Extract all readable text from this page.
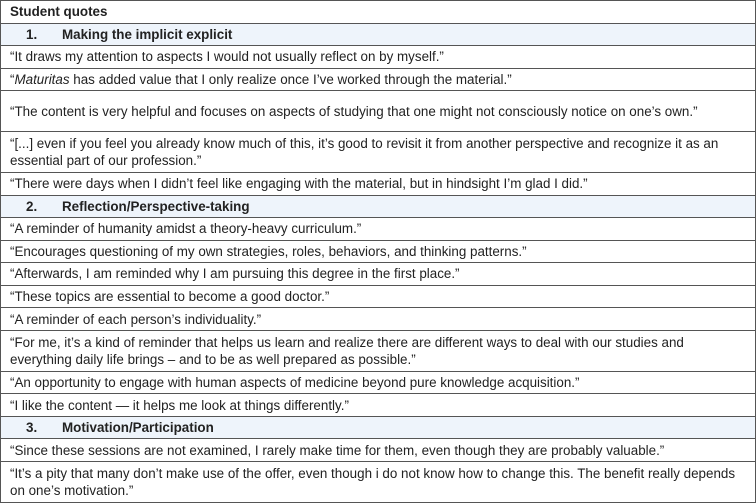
Student quotes
1. Making the implicit explicit
“It draws my attention to aspects I would not usually reflect on by myself.”
“Maturitas has added value that I only realize once I’ve worked through the material.”
“The content is very helpful and focuses on aspects of studying that one might not consciously notice on one’s own.”
“[...] even if you feel you already know much of this, it’s good to revisit it from another perspective and recognize it as an essential part of our profession.”
“There were days when I didn’t feel like engaging with the material, but in hindsight I’m glad I did.”
2. Reflection/Perspective-taking
“A reminder of humanity amidst a theory-heavy curriculum.”
“Encourages questioning of my own strategies, roles, behaviors, and thinking patterns.”
“Afterwards, I am reminded why I am pursuing this degree in the first place.”
“These topics are essential to become a good doctor.”
“A reminder of each person’s individuality.”
“For me, it’s a kind of reminder that helps us learn and realize there are different ways to deal with our studies and everything daily life brings – and to be as well prepared as possible.”
“An opportunity to engage with human aspects of medicine beyond pure knowledge acquisition.”
“I like the content — it helps me look at things differently.”
3. Motivation/Participation
“Since these sessions are not examined, I rarely make time for them, even though they are probably valuable.”
“It’s a pity that many don’t make use of the offer, even though i do not know how to change this. The benefit really depends on one’s motivation.”
